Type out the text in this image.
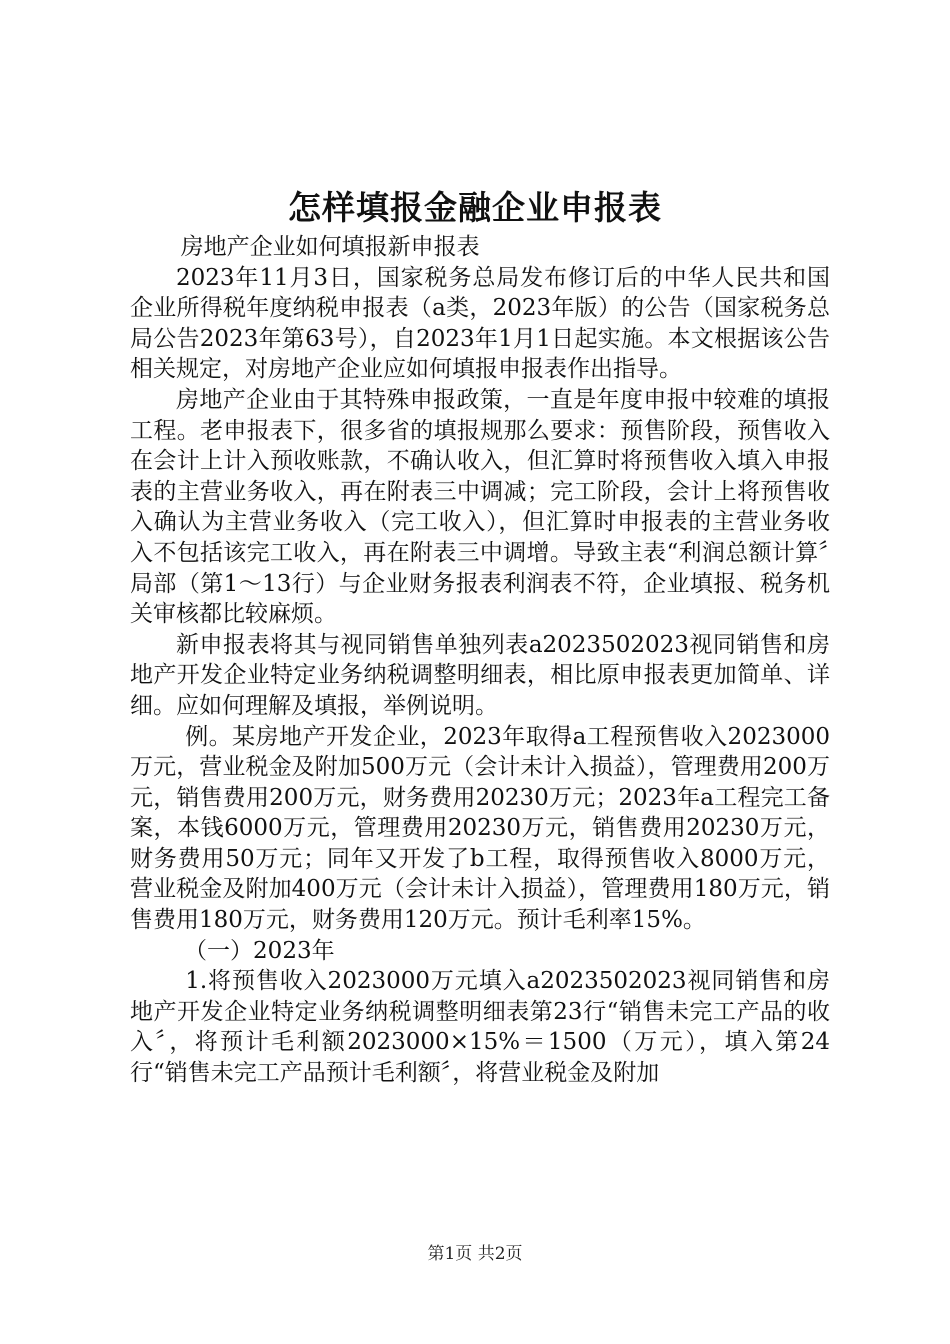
怎样填报金融企业申报表

房地产企业如何填报新申报表

2023年11月3日，国家税务总局发布修订后的中华人民共和国企业所得税年度纳税申报表（a类，2023年版）的公告（国家税务总局公告2023年第63号），自2023年1月1日起实施。本文根据该公告相关规定，对房地产企业应如何填报申报表作出指导。

房地产企业由于其特殊申报政策，一直是年度申报中较难的填报工程。老申报表下，很多省的填报规那么要求：预售阶段，预售收入在会计上计入预收账款，不确认收入，但汇算时将预售收入填入申报表的主营业务收入，再在附表三中调减；完工阶段，会计上将预售收入确认为主营业务收入（完工收入），但汇算时申报表的主营业务收入不包括该完工收入，再在附表三中调增。导致主表“利润总额计算〞局部（第1～13行）与企业财务报表利润表不符，企业填报、税务机关审核都比较麻烦。

新申报表将其与视同销售单独列表a2023502023视同销售和房地产开发企业特定业务纳税调整明细表，相比原申报表更加简单、详细。应如何理解及填报，举例说明。

例。某房地产开发企业，2023年取得a工程预售收入2023000万元，营业税金及附加500万元（会计未计入损益），管理费用200万元，销售费用200万元，财务费用20230万元；2023年a工程完工备案，本钱6000万元，管理费用20230万元，销售费用20230万元，财务费用50万元；同年又开发了b工程，取得预售收入8000万元，营业税金及附加400万元（会计未计入损益），管理费用180万元，销售费用180万元，财务费用120万元。预计毛利率15%。

（一）2023年

1.将预售收入2023000万元填入a2023502023视同销售和房地产开发企业特定业务纳税调整明细表第23行“销售未完工产品的收入〞，将预计毛利额2023000×15%＝1500（万元），填入第24行“销售未完工产品预计毛利额〞，将营业税金及附加

第1页 共2页
